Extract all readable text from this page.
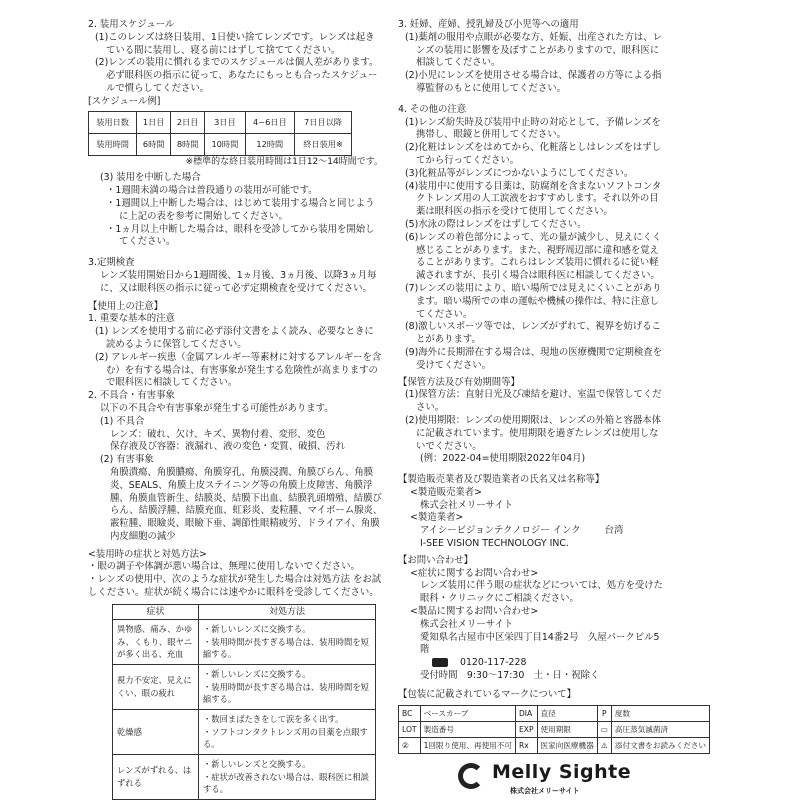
2. 装用スケジュール
(1)このレンズは終日装用、1日使い捨てレンズです。レンズは起きている間に装用し、寝る前にはずして捨ててください。
(2)レンズの装用に慣れるまでのスケジュールは個人差があります。必ず眼科医の指示に従って、あなたにもっとも合ったスケジュールで慣らしてください。
[スケジュール例]
装用日数	1日目	2日目	3日目	4~6日目	7日目以降
装用時間	6時間	8時間	10時間	12時間	終日装用※
※標準的な終日装用時間は1日12～14時間です。
(3) 装用を中断した場合
・1週間未満の場合は普段通りの装用が可能です。
・1週間以上中断した場合は、はじめて装用する場合と同じように上記の表を参考に開始してください。
・1ヵ月以上中断した場合は、眼科を受診してから装用を開始してください。
3.定期検査
レンズ装用開始日から1週間後、1ヵ月後、3ヵ月後、以降3ヵ月毎に、又は眼科医の指示に従って必ず定期検査を受けてください。
【使用上の注意】
1. 重要な基本的注意
(1) レンズを使用する前に必ず添付文書をよく読み、必要なときに読めるように保管してください。
(2) アレルギー疾患（金属アレルギー等素材に対するアレルギーを含む）を有する場合は、有害事象が発生する危険性が高まりますので眼科医に相談してください。
2. 不具合・有害事象
以下の不具合や有害事象が発生する可能性があります。
(1) 不具合
レンズ：破れ、欠け、キズ、異物付着、変形、変色
保存液及び容器：液漏れ、液の変色・変質、破損、汚れ
(2) 有害事象
角膜潰瘍、角膜膿瘍、角膜穿孔、角膜浸潤、角膜びらん、角膜炎、SEALS、角膜上皮ステイニング等の角膜上皮障害、角膜浮腫、角膜血管新生、結膜炎、結膜下出血、結膜乳頭増殖、結膜びらん、結膜浮腫、結膜充血、虹彩炎、麦粒腫、マイボーム腺炎、霰粒腫、眼瞼炎、眼瞼下垂、調節性眼精疲労、ドライアイ、角膜内皮細胞の減少
<装用時の症状と対処方法>
・眼の調子や体調が悪い場合は、無理に使用しないでください。
・レンズの使用中、次のような症状が発生した場合は対処方法 をお試しください。症状が続く場合には速やかに眼科を受診してください。
症状	対処方法
異物感、痛み、かゆみ、くもり、眼ヤニが多く出る、充血	・新しいレンズに交換する。
・装用時間が長すぎる場合は、装用時間を短縮する。

視力不安定、見えにくい、眼の疲れ	・新しいレンズに交換する。
・装用時間が長すぎる場合は、装用時間を短縮する。

乾燥感	・数回まばたきをして涙を多く出す。
・ソフトコンタクトレンズ用の目薬を点眼する。

レンズがずれる、はずれる	・新しいレンズと交換する。
・症状が改善されない場合は、眼科医に相談する。
3. 妊婦、産婦、授乳婦及び小児等への適用
(1)薬剤の服用や点眼が必要な方、妊娠、出産された方は、レンズの装用に影響を及ぼすことがありますので、眼科医に相談してください。
(2)小児にレンズを使用させる場合は、保護者の方等による指導監督のもとに使用してください。
4. その他の注意
(1)レンズ紛失時及び装用中止時の対応として、予備レンズを携帯し、眼鏡と併用してください。
(2)化粧はレンズをはめてから、化粧落としはレンズをはずしてから行ってください。
(3)化粧品等がレンズにつかないようにしてください。
(4)装用中に使用する目薬は、防腐剤を含まないソフトコンタクトレンズ用の人工涙液をおすすめします。それ以外の目薬は眼科医の指示を受けて使用してください。
(5)水泳の際はレンズをはずしてください。
(6)レンズの着色部分によって、光の量が減少し、見えにくく感じることがあります。また、視野周辺部に違和感を覚えることがあります。これらはレンズ装用に慣れるに従い軽減されますが、長引く場合は眼科医に相談してください。
(7)レンズの装用により、暗い場所では見えにくいことがあります。暗い場所での車の運転や機械の操作は、特に注意してください。
(8)激しいスポーツ等では、レンズがずれて、視界を妨げることがあります。
(9)海外に長期滞在する場合は、現地の医療機関で定期検査を受けてください。
【保管方法及び有効期間等】
(1)保管方法：直射日光及び凍結を避け、室温で保管してください。
(2)使用期限：レンズの使用期限は、レンズの外箱と容器本体に記載されています。使用期限を過ぎたレンズは使用しないでください。
(例：2022-04=使用期限2022年04月)
【製造販売業者及び製造業者の氏名又は名称等】
<製造販売業者>
株式会社メリーサイト
<製造業者>
アイシービジョンテクノロジー インク	台湾
I-SEE VISION TECHNOLOGY INC.
【お問い合わせ】
<症状に関するお問い合わせ>
レンズ装用に伴う眼の症状などについては、処方を受けた眼科・クリニックにご相談ください。
<製品に関するお問い合わせ>
株式会社メリーサイト
愛知県名古屋市中区栄四丁目14番2号　久屋パークビル5階
0120-117-228
受付時間　9:30～17:30　土・日・祝除く
【包装に記載されているマークについて】
BC	ベースカーブ	DIA	直径	P	度数
LOT	製造番号	EXP	使用期限	▭	高圧蒸気滅菌済
②	1回限り使用、再使用不可	Rx	医家向医療機器	⚠	添付文書をお読みください
Melly Sighte
株式会社メリーサイト
